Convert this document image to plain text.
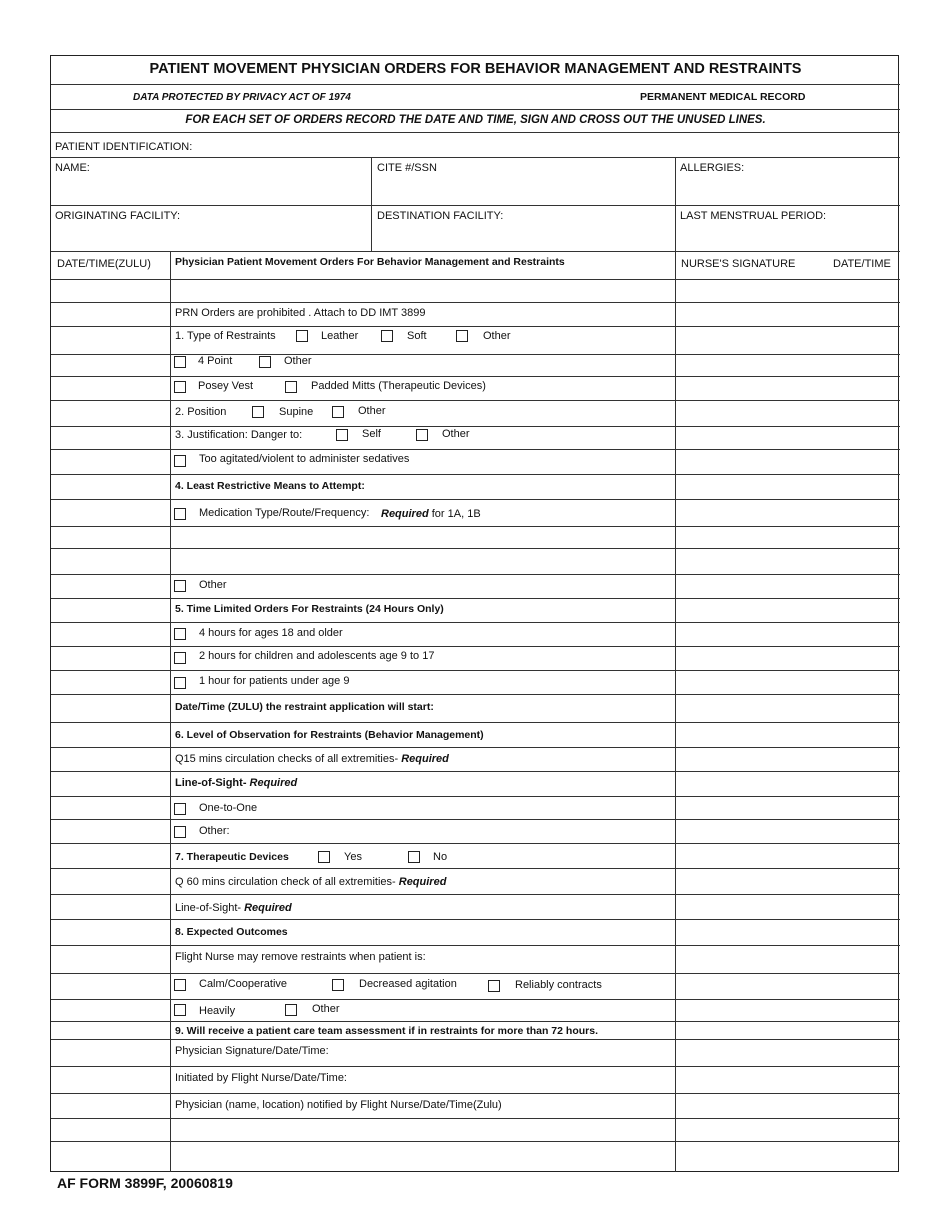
PATIENT MOVEMENT PHYSICIAN ORDERS FOR BEHAVIOR MANAGEMENT AND RESTRAINTS
DATA PROTECTED BY PRIVACY ACT OF 1974	PERMANENT MEDICAL RECORD
FOR EACH SET OF ORDERS RECORD THE DATE AND TIME, SIGN AND CROSS OUT THE UNUSED LINES.
PATIENT IDENTIFICATION:
NAME:	CITE #/SSN	ALLERGIES:
ORIGINATING FACILITY:	DESTINATION FACILITY:	LAST MENSTRUAL PERIOD:
DATE/TIME(ZULU) Physician Patient Movement Orders For Behavior Management and Restraints	NURSE'S SIGNATURE	DATE/TIME
PRN Orders are prohibited . Attach to DD IMT 3899
1. Type of Restraints	Leather	Soft	Other
4 Point	Other
Posey Vest	Padded Mitts (Therapeutic Devices)
2. Position	Supine	Other
3. Justification: Danger to:	Self	Other
Too agitated/violent to administer sedatives
4. Least Restrictive Means to Attempt:
Medication Type/Route/Frequency: Required for 1A, 1B
Other
5. Time Limited Orders For Restraints (24 Hours Only)
4 hours for ages 18 and older
2 hours for children and adolescents age 9 to 17
1 hour for patients under age 9
Date/Time (ZULU) the restraint application will start:
6. Level of Observation for Restraints (Behavior Management)
Q15 mins circulation checks of all extremities- Required
Line-of-Sight- Required
One-to-One
Other:
7. Therapeutic Devices	Yes	No
Q 60 mins circulation check of all extremities- Required
Line-of-Sight- Required
8. Expected Outcomes
Flight Nurse may remove restraints when patient is:
Calm/Cooperative	Decreased agitation	Reliably contracts
Heavily	Other
9. Will receive a patient care team assessment if in restraints for more than 72 hours.
Physician Signature/Date/Time:
Initiated by Flight Nurse/Date/Time:
Physician (name, location) notified by Flight Nurse/Date/Time(Zulu)
AF FORM 3899F, 20060819
